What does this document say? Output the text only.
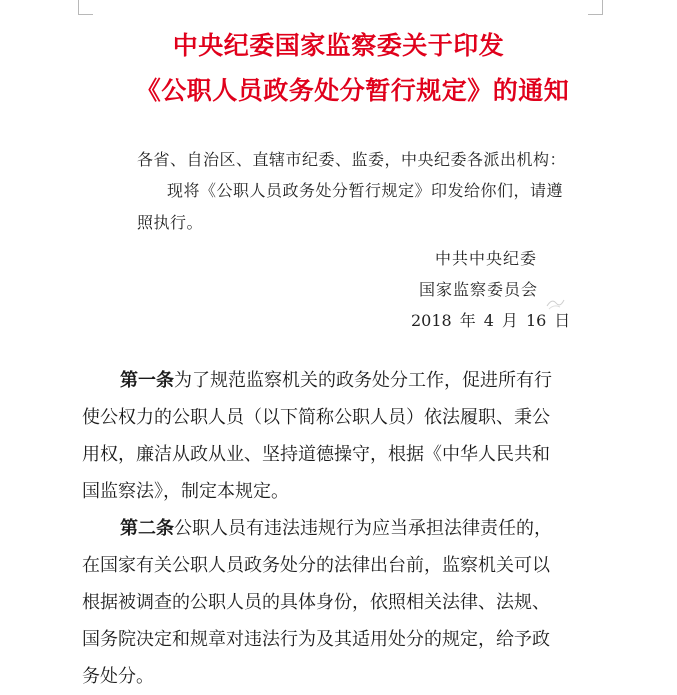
中央纪委国家监察委关于印发
《公职人员政务处分暂行规定》的通知
各省、自治区、直辖市纪委、监委，中央纪委各派出机构：
现将《公职人员政务处分暂行规定》印发给你们，请遵
照执行。
中共中央纪委
国家监察委员会
2018 年 4 月 16 日
第一条为了规范监察机关的政务处分工作，促进所有行
使公权力的公职人员（以下简称公职人员）依法履职、秉公
用权，廉洁从政从业、坚持道德操守，根据《中华人民共和
国监察法》，制定本规定。
第二条公职人员有违法违规行为应当承担法律责任的，
在国家有关公职人员政务处分的法律出台前，监察机关可以
根据被调查的公职人员的具体身份，依照相关法律、法规、
国务院决定和规章对违法行为及其适用处分的规定，给予政
务处分。
